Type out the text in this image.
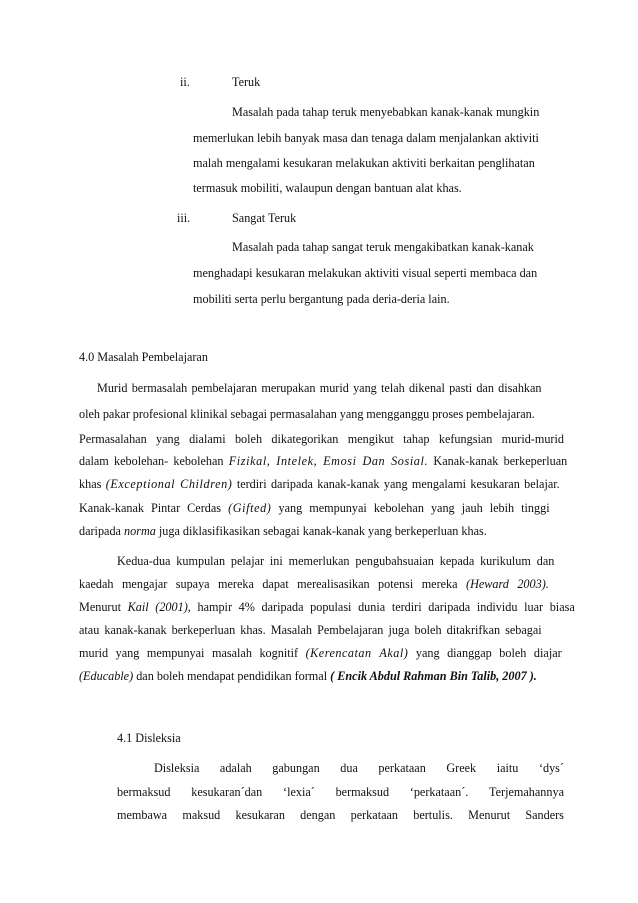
ii.	Teruk
Masalah pada tahap teruk menyebabkan kanak-kanak mungkin
memerlukan lebih banyak masa dan tenaga dalam menjalankan aktiviti
malah mengalami kesukaran melakukan aktiviti berkaitan penglihatan
termasuk mobiliti, walaupun dengan bantuan alat khas.
iii.	Sangat Teruk
Masalah pada tahap sangat teruk mengakibatkan kanak-kanak
menghadapi kesukaran melakukan aktiviti visual seperti membaca dan
mobiliti serta perlu bergantung pada deria-deria lain.
4.0 Masalah Pembelajaran
Murid bermasalah pembelajaran merupakan murid yang telah dikenal pasti dan disahkan
oleh pakar profesional klinikal sebagai permasalahan yang mengganggu proses pembelajaran.
Permasalahan yang dialami boleh dikategorikan mengikut tahap kefungsian murid-murid
dalam kebolehan- kebolehan Fizikal, Intelek, Emosi Dan Sosial. Kanak-kanak berkeperluan
khas (Exceptional Children) terdiri daripada kanak-kanak yang mengalami kesukaran belajar.
Kanak-kanak Pintar Cerdas (Gifted) yang mempunyai kebolehan yang jauh lebih tinggi
daripada norma juga diklasifikasikan sebagai kanak-kanak yang berkeperluan khas.
Kedua-dua kumpulan pelajar ini memerlukan pengubahsuaian kepada kurikulum dan
kaedah mengajar supaya mereka dapat merealisasikan potensi mereka (Heward 2003).
Menurut Kail (2001), hampir 4% daripada populasi dunia terdiri daripada individu luar biasa
atau kanak-kanak berkeperluan khas. Masalah Pembelajaran juga boleh ditakrifkan sebagai
murid yang mempunyai masalah kognitif (Kerencatan Akal) yang dianggap boleh diajar
(Educable) dan boleh mendapat pendidikan formal ( Encik Abdul Rahman Bin Talib, 2007 ).
4.1 Disleksia
Disleksia adalah gabungan dua perkataan Greek iaitu ‘dys´
bermaksud kesukaran´dan ‘lexia´ bermaksud ‘perkataan´. Terjemahannya
membawa maksud kesukaran dengan perkataan bertulis. Menurut Sanders
